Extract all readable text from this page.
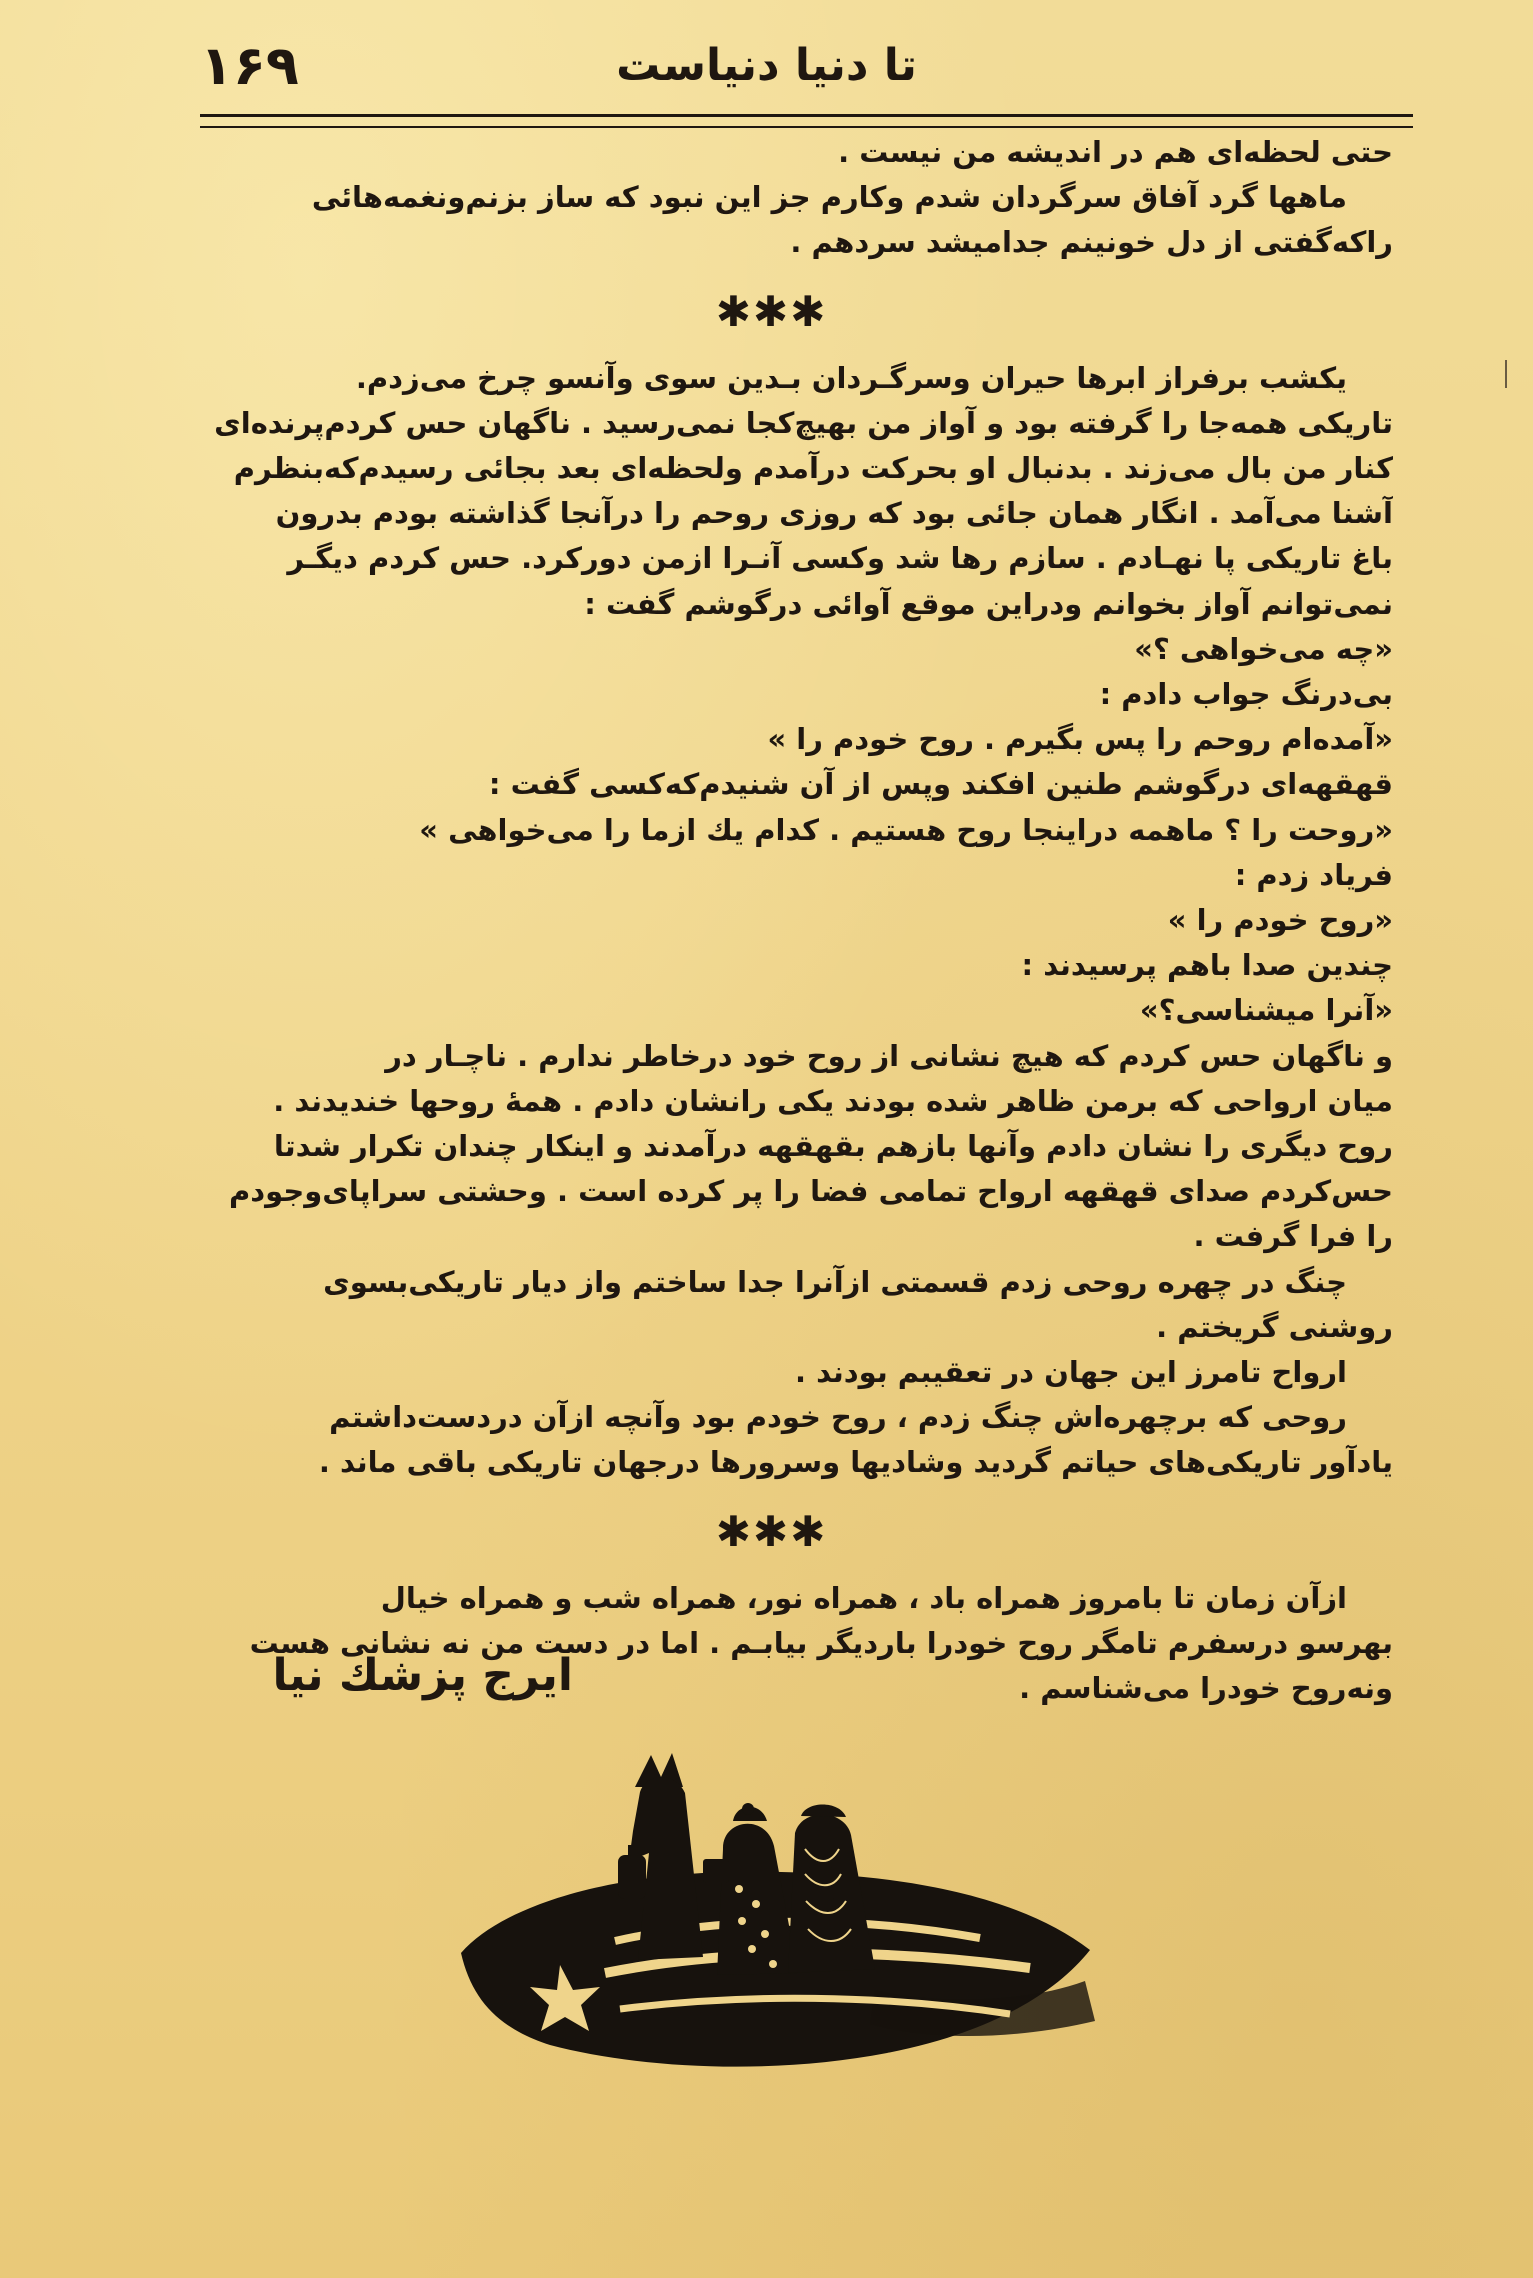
۱۶۹	تا دنیا دنیاست

حتی لحظه‌ای هم در اندیشه من نیست .

ماهها گرد آفاق سرگردان شدم وکارم جز این نبود که ساز بزنم‌ونغمه‌هائی

راکه‌گفتی از دل خونینم جدامیشد سردهم .

✱✱✱

یکشب برفراز ابرها حیران وسرگـردان بـدین سوی وآنسو چرخ می‌زدم.

تاریکی همه‌جا را گرفته بود و آواز من بهیچ‌کجا نمی‌رسید . ناگهان حس کردم‌پرنده‌ای

کنار من بال می‌زند . بدنبال او بحرکت درآمدم ولحظه‌ای بعد بجائی رسیدم‌که‌بنظرم

آشنا می‌آمد . انگار همان جائی بود که روزی روحم را درآنجا گذاشته بودم بدرون

باغ تاریکی پا نهـادم . سازم رها شد وکسی آنـرا ازمن دورکرد. حس کردم دیگـر

نمی‌توانم آواز بخوانم ودراین موقع آوائی درگوشم گفت :

«چه می‌خواهی ؟»

بی‌درنگ جواب دادم :

«آمده‌ام روحم را پس بگیرم . روح خودم را »

قهقهه‌ای درگوشم طنین افکند وپس از آن شنیدم‌که‌کسی گفت :

«روحت را ؟ ماهمه دراینجا روح هستیم . کدام یك ازما را می‌خواهی »

فریاد زدم :

«روح خودم را »

چندین صدا باهم پرسیدند :

«آنرا میشناسی؟»

و ناگهان حس کردم که هیچ نشانی از روح خود درخاطر ندارم . ناچـار در

میان ارواحی که برمن ظاهر شده بودند یکی رانشان دادم . همهٔ روحها خندیدند .

روح دیگری را نشان دادم وآنها بازهم بقهقهه درآمدند و اینکار چندان تکرار شدتا

حس‌کردم صدای قهقهه ارواح تمامی فضا را پر کرده است . وحشتی سراپای‌وجودم

را فرا گرفت .

چنگ در چهره روحی زدم قسمتی ازآنرا جدا ساختم واز دیار تاریکی‌بسوی

روشنی گریختم .

ارواح تامرز این جهان در تعقیبم بودند .

روحی که برچهره‌اش چنگ زدم ، روح خودم بود وآنچه ازآن دردست‌داشتم

یادآور تاریکی‌های حیاتم گردید وشادیها وسرورها درجهان تاریکی باقی ماند .

✱✱✱

ازآن زمان تا بامروز همراه باد ، همراه نور، همراه شب و همراه خیال

بهرسو درسفرم تامگر روح خودرا باردیگر بیابـم . اما در دست من نه نشانی هست

ونه‌روح خودرا می‌شناسم .

ایرج پزشك نیا
